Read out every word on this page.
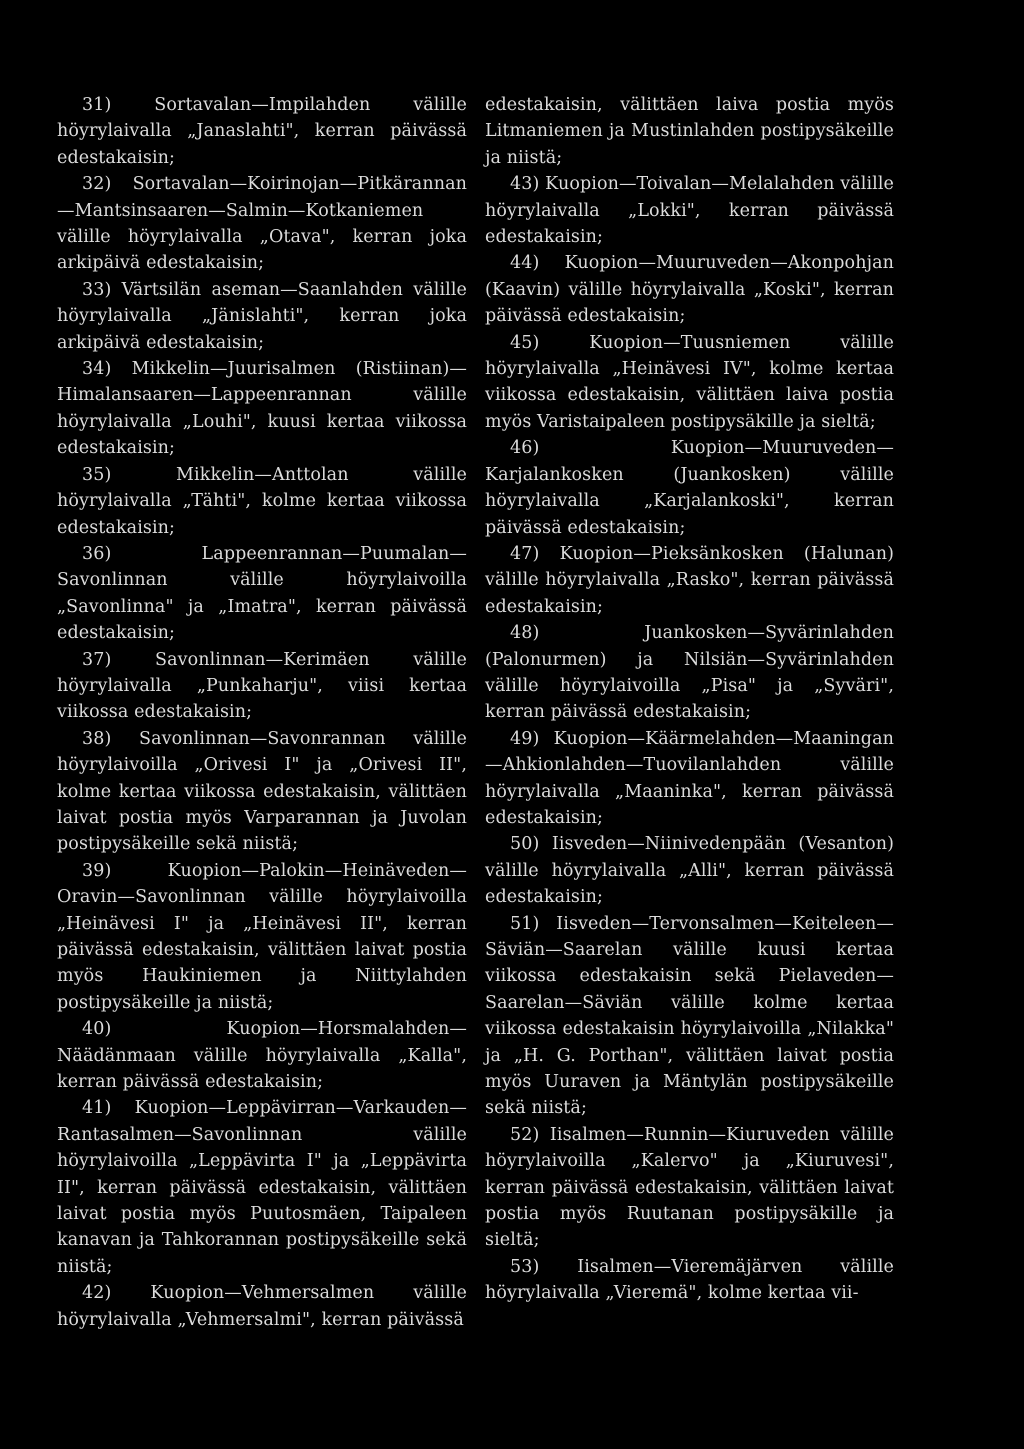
31) Sortavalan—Impilahden välille höyrylaivalla „Janaslahti", kerran päivässä edestakaisin;

32) Sortavalan—Koirinojan—Pitkärannan—Mantsinsaaren—Salmin—Kotkaniemen välille höyrylaivalla „Otava", kerran joka arkipäivä edestakaisin;

33) Värtsilän aseman—Saanlahden välille höyrylaivalla „Jänislahti", kerran joka arkipäivä edestakaisin;

34) Mikkelin—Juurisalmen (Ristiinan)—Himalansaaren—Lappeenrannan välille höyrylaivalla „Louhi", kuusi kertaa viikossa edestakaisin;

35) Mikkelin—Anttolan välille höyrylaivalla „Tähti", kolme kertaa viikossa edestakaisin;

36) Lappeenrannan—Puumalan—Savonlinnan välille höyrylaivoilla „Savonlinna" ja „Imatra", kerran päivässä edestakaisin;

37) Savonlinnan—Kerimäen välille höyrylaivalla „Punkaharju", viisi kertaa viikossa edestakaisin;

38) Savonlinnan—Savonrannan välille höyrylaivoilla „Orivesi I" ja „Orivesi II", kolme kertaa viikossa edestakaisin, välittäen laivat postia myös Varparannan ja Juvolan postipysäkeille sekä niistä;

39) Kuopion—Palokin—Heinäveden—Oravin—Savonlinnan välille höyrylaivoilla „Heinävesi I" ja „Heinävesi II", kerran päivässä edestakaisin, välittäen laivat postia myös Haukiniemen ja Niittylahden postipysäkeille ja niistä;

40) Kuopion—Horsmalahden—Näädänmaan välille höyrylaivalla „Kalla", kerran päivässä edestakaisin;

41) Kuopion—Leppävirran—Varkauden—Rantasalmen—Savonlinnan välille höyrylaivoilla „Leppävirta I" ja „Leppävirta II", kerran päivässä edestakaisin, välittäen laivat postia myös Puutosmäen, Taipaleen kanavan ja Tahkorannan postipysäkeille sekä niistä;

42) Kuopion—Vehmersalmen välille höyrylaivalla „Vehmersalmi", kerran päivässä

edestakaisin, välittäen laiva postia myös Litmaniemen ja Mustinlahden postipysäkeille ja niistä;

43) Kuopion—Toivalan—Melalahden välille höyrylaivalla „Lokki", kerran päivässä edestakaisin;

44) Kuopion—Muuruveden—Akonpohjan (Kaavin) välille höyrylaivalla „Koski", kerran päivässä edestakaisin;

45) Kuopion—Tuusniemen välille höyrylaivalla „Heinävesi IV", kolme kertaa viikossa edestakaisin, välittäen laiva postia myös Varistaipaleen postipysäkille ja sieltä;

46) Kuopion—Muuruveden—Karjalankosken (Juankosken) välille höyrylaivalla „Karjalankoski", kerran päivässä edestakaisin;

47) Kuopion—Pieksänkosken (Halunan) välille höyrylaivalla „Rasko", kerran päivässä edestakaisin;

48) Juankosken—Syvärinlahden (Palonurmen) ja Nilsiän—Syvärinlahden välille höyrylaivoilla „Pisa" ja „Syväri", kerran päivässä edestakaisin;

49) Kuopion—Käärmelahden—Maaningan—Ahkionlahden—Tuovilanlahden välille höyrylaivalla „Maaninka", kerran päivässä edestakaisin;

50) Iisveden—Niinivedenpään (Vesanton) välille höyrylaivalla „Alli", kerran päivässä edestakaisin;

51) Iisveden—Tervonsalmen—Keiteleen—Säviän—Saarelan välille kuusi kertaa viikossa edestakaisin sekä Pielaveden—Saarelan—Säviän välille kolme kertaa viikossa edestakaisin höyrylaivoilla „Nilakka" ja „H. G. Porthan", välittäen laivat postia myös Uuraven ja Mäntylän postipysäkeille sekä niistä;

52) Iisalmen—Runnin—Kiuruveden välille höyrylaivoilla „Kalervo" ja „Kiuruvesi", kerran päivässä edestakaisin, välittäen laivat postia myös Ruutanan postipysäkille ja sieltä;

53) Iisalmen—Vieremäjärven välille höyrylaivalla „Vieremä", kolme kertaa vii-
